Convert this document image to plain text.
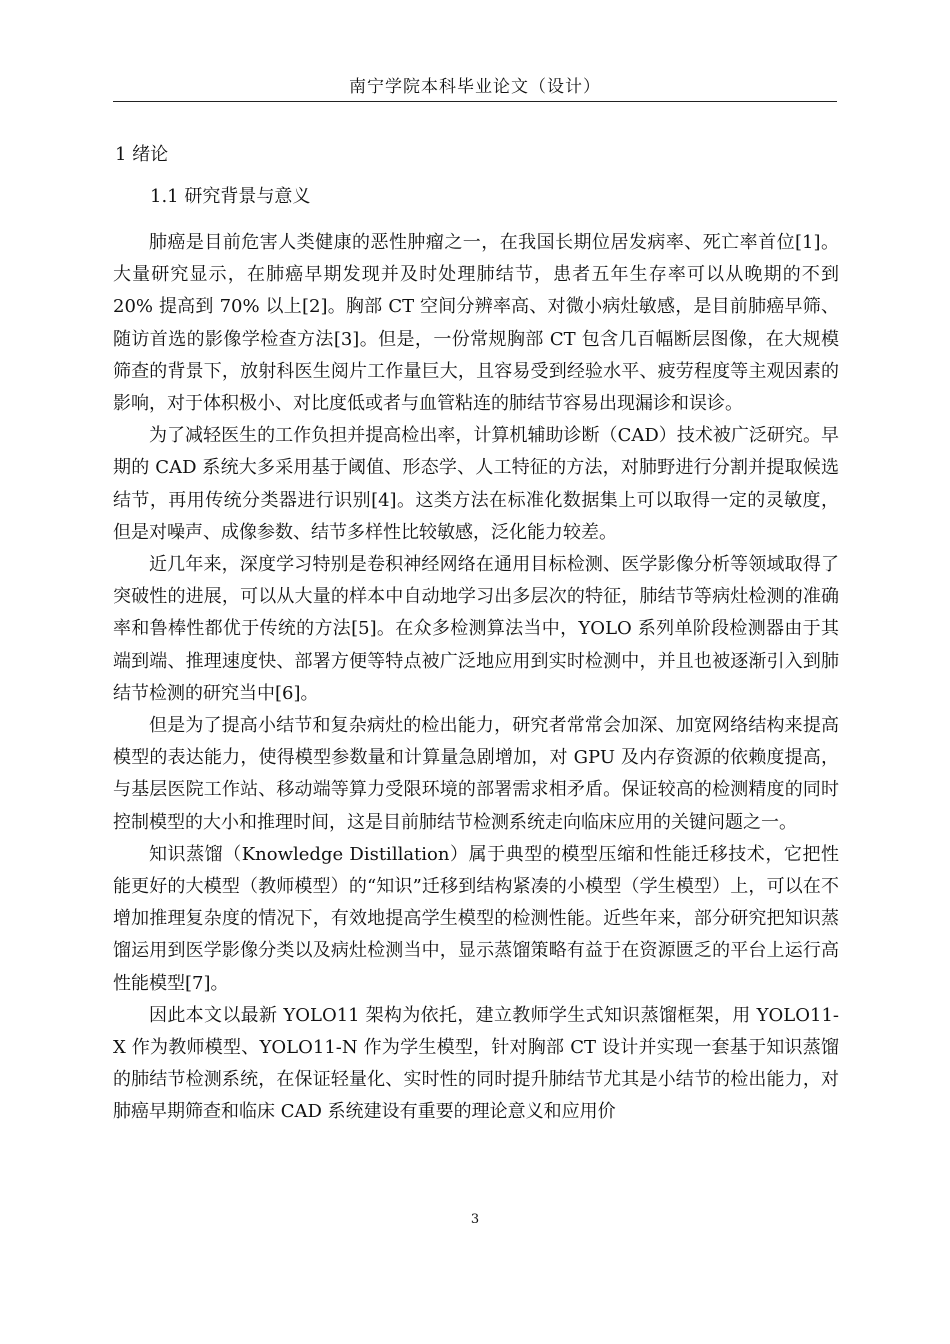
南宁学院本科毕业论文（设计）
1 绪论
1.1 研究背景与意义

肺癌是目前危害人类健康的恶性肿瘤之一，在我国长期位居发病率、死亡率首位[1]。大量研究显示，在肺癌早期发现并及时处理肺结节，患者五年生存率可以从晚期的不到 20% 提高到 70% 以上[2]。胸部 CT 空间分辨率高、对微小病灶敏感，是目前肺癌早筛、随访首选的影像学检查方法[3]。但是，一份常规胸部 CT 包含几百幅断层图像，在大规模筛查的背景下，放射科医生阅片工作量巨大，且容易受到经验水平、疲劳程度等主观因素的影响，对于体积极小、对比度低或者与血管粘连的肺结节容易出现漏诊和误诊。

为了减轻医生的工作负担并提高检出率，计算机辅助诊断（CAD）技术被广泛研究。早期的 CAD 系统大多采用基于阈值、形态学、人工特征的方法，对肺野进行分割并提取候选结节，再用传统分类器进行识别[4]。这类方法在标准化数据集上可以取得一定的灵敏度，但是对噪声、成像参数、结节多样性比较敏感，泛化能力较差。

近几年来，深度学习特别是卷积神经网络在通用目标检测、医学影像分析等领域取得了突破性的进展，可以从大量的样本中自动地学习出多层次的特征，肺结节等病灶检测的准确率和鲁棒性都优于传统的方法[5]。在众多检测算法当中，YOLO 系列单阶段检测器由于其端到端、推理速度快、部署方便等特点被广泛地应用到实时检测中，并且也被逐渐引入到肺结节检测的研究当中[6]。

但是为了提高小结节和复杂病灶的检出能力，研究者常常会加深、加宽网络结构来提高模型的表达能力，使得模型参数量和计算量急剧增加，对 GPU 及内存资源的依赖度提高，与基层医院工作站、移动端等算力受限环境的部署需求相矛盾。保证较高的检测精度的同时控制模型的大小和推理时间，这是目前肺结节检测系统走向临床应用的关键问题之一。

知识蒸馏（Knowledge Distillation）属于典型的模型压缩和性能迁移技术，它把性能更好的大模型（教师模型）的“知识”迁移到结构紧凑的小模型（学生模型）上，可以在不增加推理复杂度的情况下，有效地提高学生模型的检测性能。近些年来，部分研究把知识蒸馏运用到医学影像分类以及病灶检测当中，显示蒸馏策略有益于在资源匮乏的平台上运行高性能模型[7]。

因此本文以最新 YOLO11 架构为依托，建立教师学生式知识蒸馏框架，用 YOLO11-X 作为教师模型、YOLO11-N 作为学生模型，针对胸部 CT 设计并实现一套基于知识蒸馏的肺结节检测系统，在保证轻量化、实时性的同时提升肺结节尤其是小结节的检出能力，对肺癌早期筛查和临床 CAD 系统建设有重要的理论意义和应用价

3
